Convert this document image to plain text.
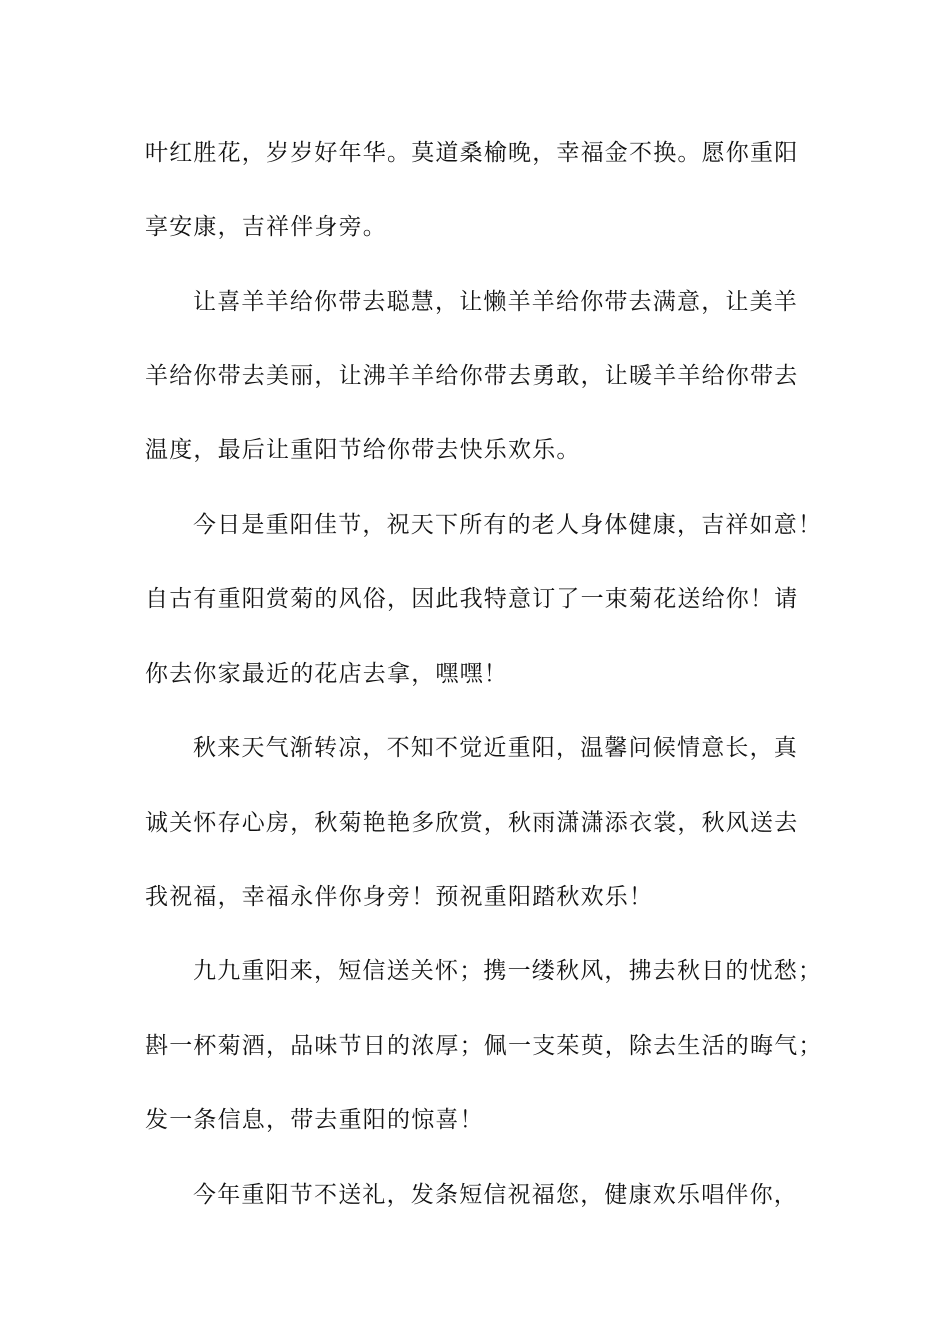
叶红胜花，岁岁好年华。莫道桑榆晚，幸福金不换。愿你重阳
享安康，吉祥伴身旁。
让喜羊羊给你带去聪慧，让懒羊羊给你带去满意，让美羊
羊给你带去美丽，让沸羊羊给你带去勇敢，让暖羊羊给你带去
温度，最后让重阳节给你带去快乐欢乐。
今日是重阳佳节，祝天下所有的老人身体健康，吉祥如意！
自古有重阳赏菊的风俗，因此我特意订了一束菊花送给你！请
你去你家最近的花店去拿，嘿嘿！
秋来天气渐转凉，不知不觉近重阳，温馨问候情意长，真
诚关怀存心房，秋菊艳艳多欣赏，秋雨潇潇添衣裳，秋风送去
我祝福，幸福永伴你身旁！预祝重阳踏秋欢乐！
九九重阳来，短信送关怀；携一缕秋风，拂去秋日的忧愁；
斟一杯菊酒，品味节日的浓厚；佩一支茱萸，除去生活的晦气；
发一条信息，带去重阳的惊喜！
今年重阳节不送礼，发条短信祝福您，健康欢乐唱伴你，
